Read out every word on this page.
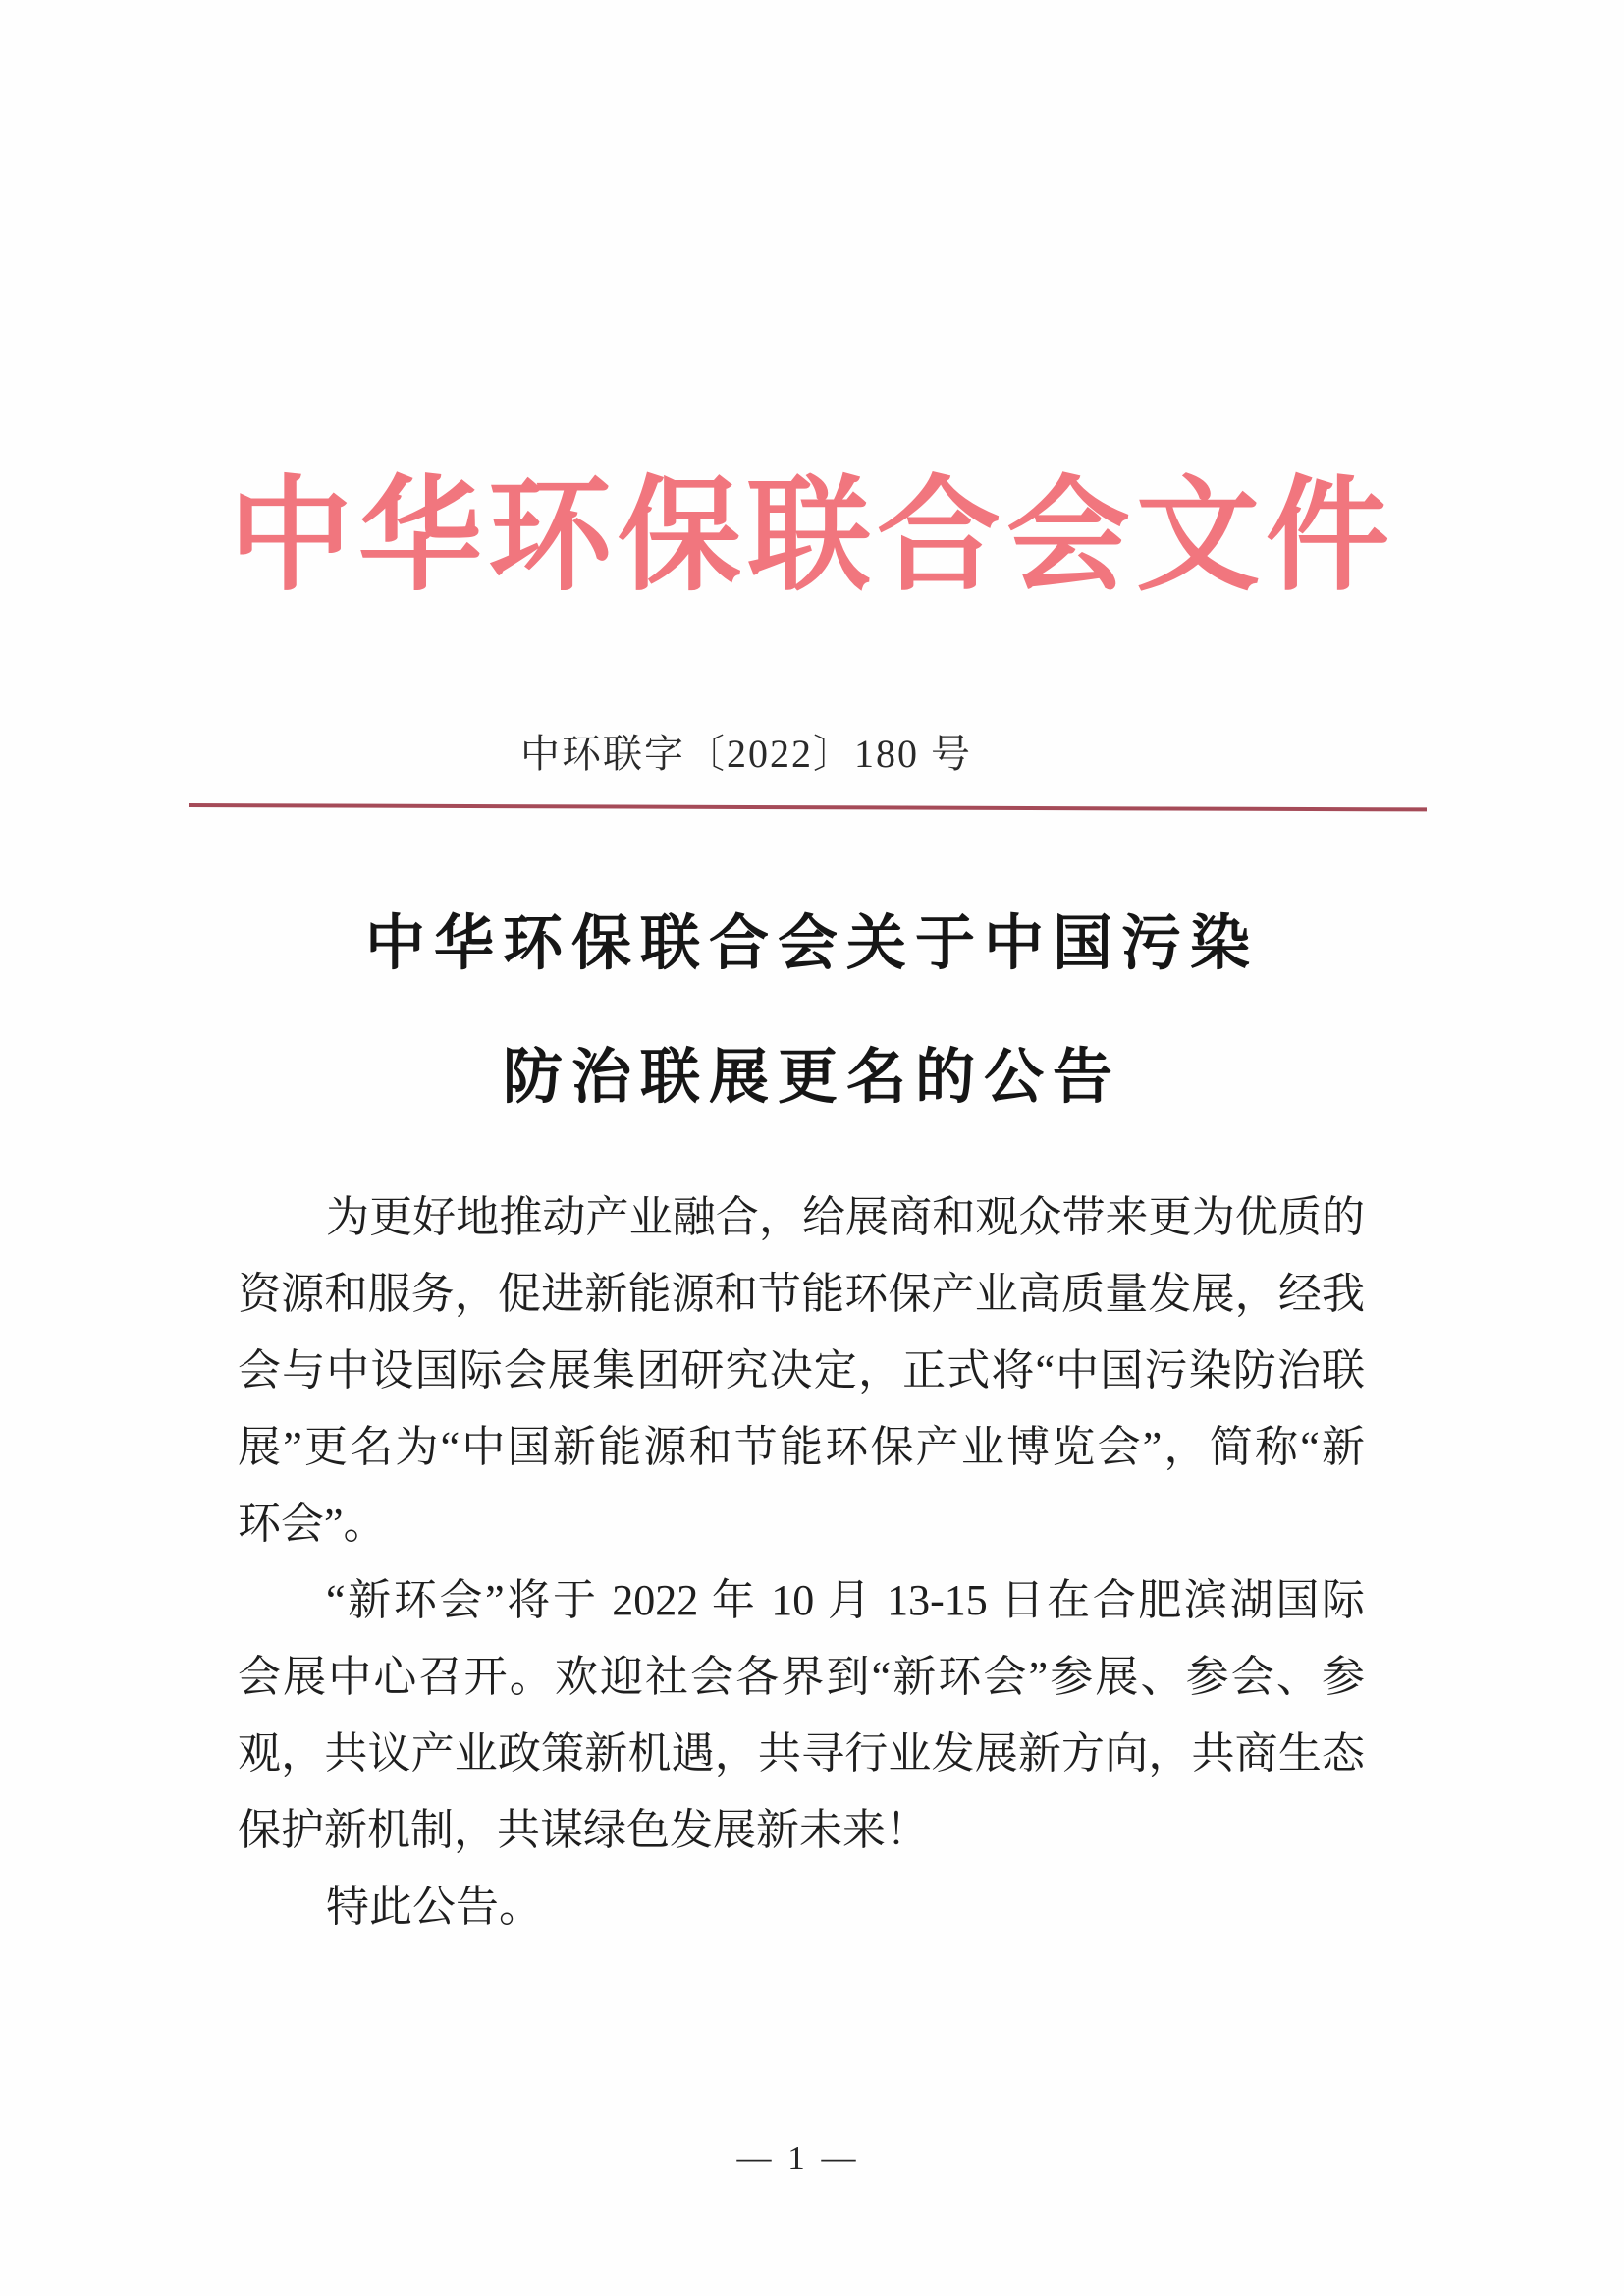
中华环保联合会文件
中环联字〔2022〕180 号
中华环保联合会关于中国污染
防治联展更名的公告
为更好地推动产业融合，给展商和观众带来更为优质的
资源和服务，促进新能源和节能环保产业高质量发展，经我
会与中设国际会展集团研究决定，正式将“中国污染防治联
展”更名为“中国新能源和节能环保产业博览会”，简称“新
环会”。
“新环会”将于 2022 年 10 月 13-15 日在合肥滨湖国际
会展中心召开。欢迎社会各界到“新环会”参展、参会、参
观，共议产业政策新机遇，共寻行业发展新方向，共商生态
保护新机制，共谋绿色发展新未来！
特此公告。
— 1 —
